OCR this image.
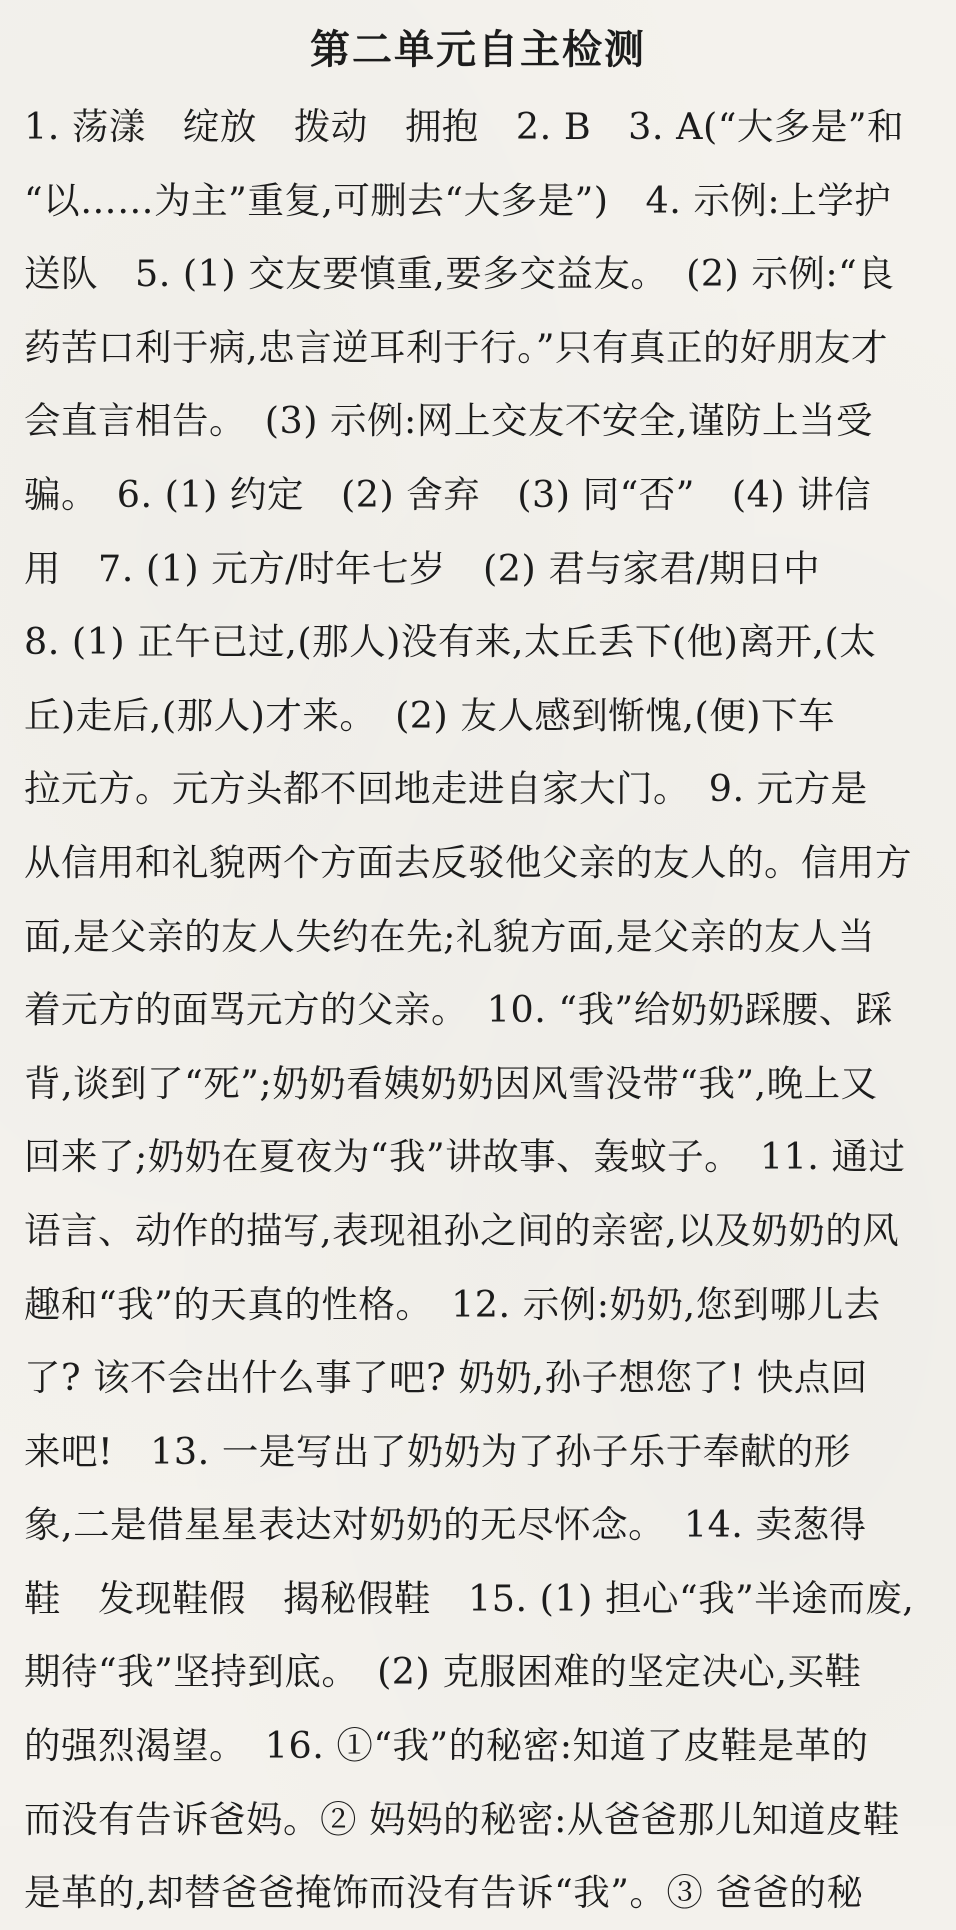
第二单元自主检测
1. 荡漾　绽放　拨动　拥抱　2. B　3. A(“大多是”和
“以……为主”重复,可删去“大多是”)　4. 示例:上学护
送队　5. (1) 交友要慎重,要多交益友。　(2) 示例:“良
药苦口利于病,忠言逆耳利于行。”只有真正的好朋友才
会直言相告。　(3) 示例:网上交友不安全,谨防上当受
骗。　6. (1) 约定　(2) 舍弃　(3) 同“否”　(4) 讲信
用　7. (1) 元方/时年七岁　(2) 君与家君/期日中
8. (1) 正午已过,(那人)没有来,太丘丢下(他)离开,(太
丘)走后,(那人)才来。　(2) 友人感到惭愧,(便)下车
拉元方。元方头都不回地走进自家大门。　9. 元方是
从信用和礼貌两个方面去反驳他父亲的友人的。信用方
面,是父亲的友人失约在先;礼貌方面,是父亲的友人当
着元方的面骂元方的父亲。　10. “我”给奶奶踩腰、踩
背,谈到了“死”;奶奶看姨奶奶因风雪没带“我”,晚上又
回来了;奶奶在夏夜为“我”讲故事、轰蚊子。　11. 通过
语言、动作的描写,表现祖孙之间的亲密,以及奶奶的风
趣和“我”的天真的性格。　12. 示例:奶奶,您到哪儿去
了? 该不会出什么事了吧? 奶奶,孙子想您了! 快点回
来吧!　13. 一是写出了奶奶为了孙子乐于奉献的形
象,二是借星星表达对奶奶的无尽怀念。　14. 卖葱得
鞋　发现鞋假　揭秘假鞋　15. (1) 担心“我”半途而废,
期待“我”坚持到底。　(2) 克服困难的坚定决心,买鞋
的强烈渴望。　16. ①“我”的秘密:知道了皮鞋是革的
而没有告诉爸妈。② 妈妈的秘密:从爸爸那儿知道皮鞋
是革的,却替爸爸掩饰而没有告诉“我”。③ 爸爸的秘
